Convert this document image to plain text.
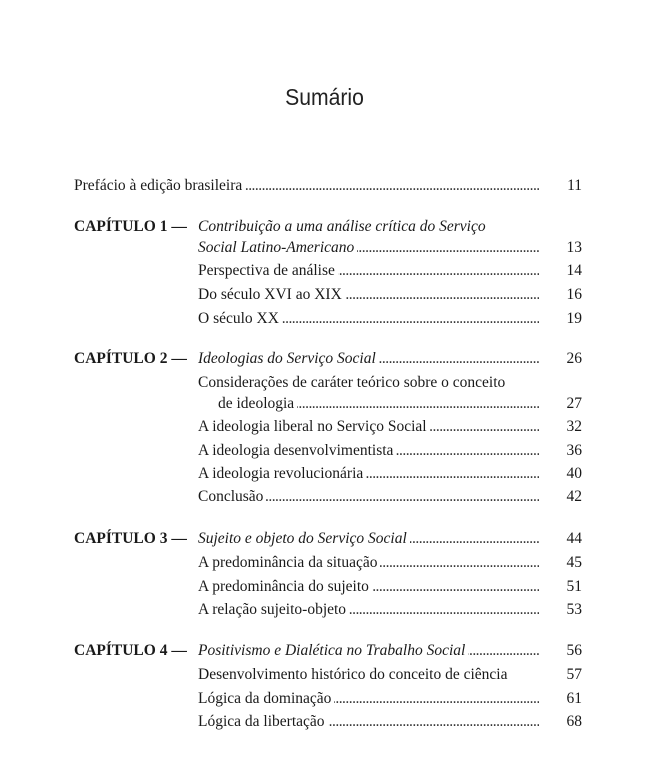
Sumário
Prefácio à edição brasileira . . .	11
CAPÍTULO 1 — Contribuição a uma análise crítica do Serviço
Social Latino-Americano . . .	13
Perspectiva de análise . . .	14
Do século XVI ao XIX . . .	16
O século XX . . .	19
CAPÍTULO 2 — Ideologias do Serviço Social . . .	26
Considerações de caráter teórico sobre o conceito
de ideologia . . .	27
A ideologia liberal no Serviço Social . . .	32
A ideologia desenvolvimentista . . .	36
A ideologia revolucionária . . .	40
Conclusão . . .	42
CAPÍTULO 3 — Sujeito e objeto do Serviço Social . . .	44
A predominância da situação . . .	45
A predominância do sujeito . . .	51
A relação sujeito-objeto . . .	53
CAPÍTULO 4 — Positivismo e Dialética no Trabalho Social . . .	56
Desenvolvimento histórico do conceito de ciência	57
Lógica da dominação . . .	61
Lógica da libertação . . .	68
